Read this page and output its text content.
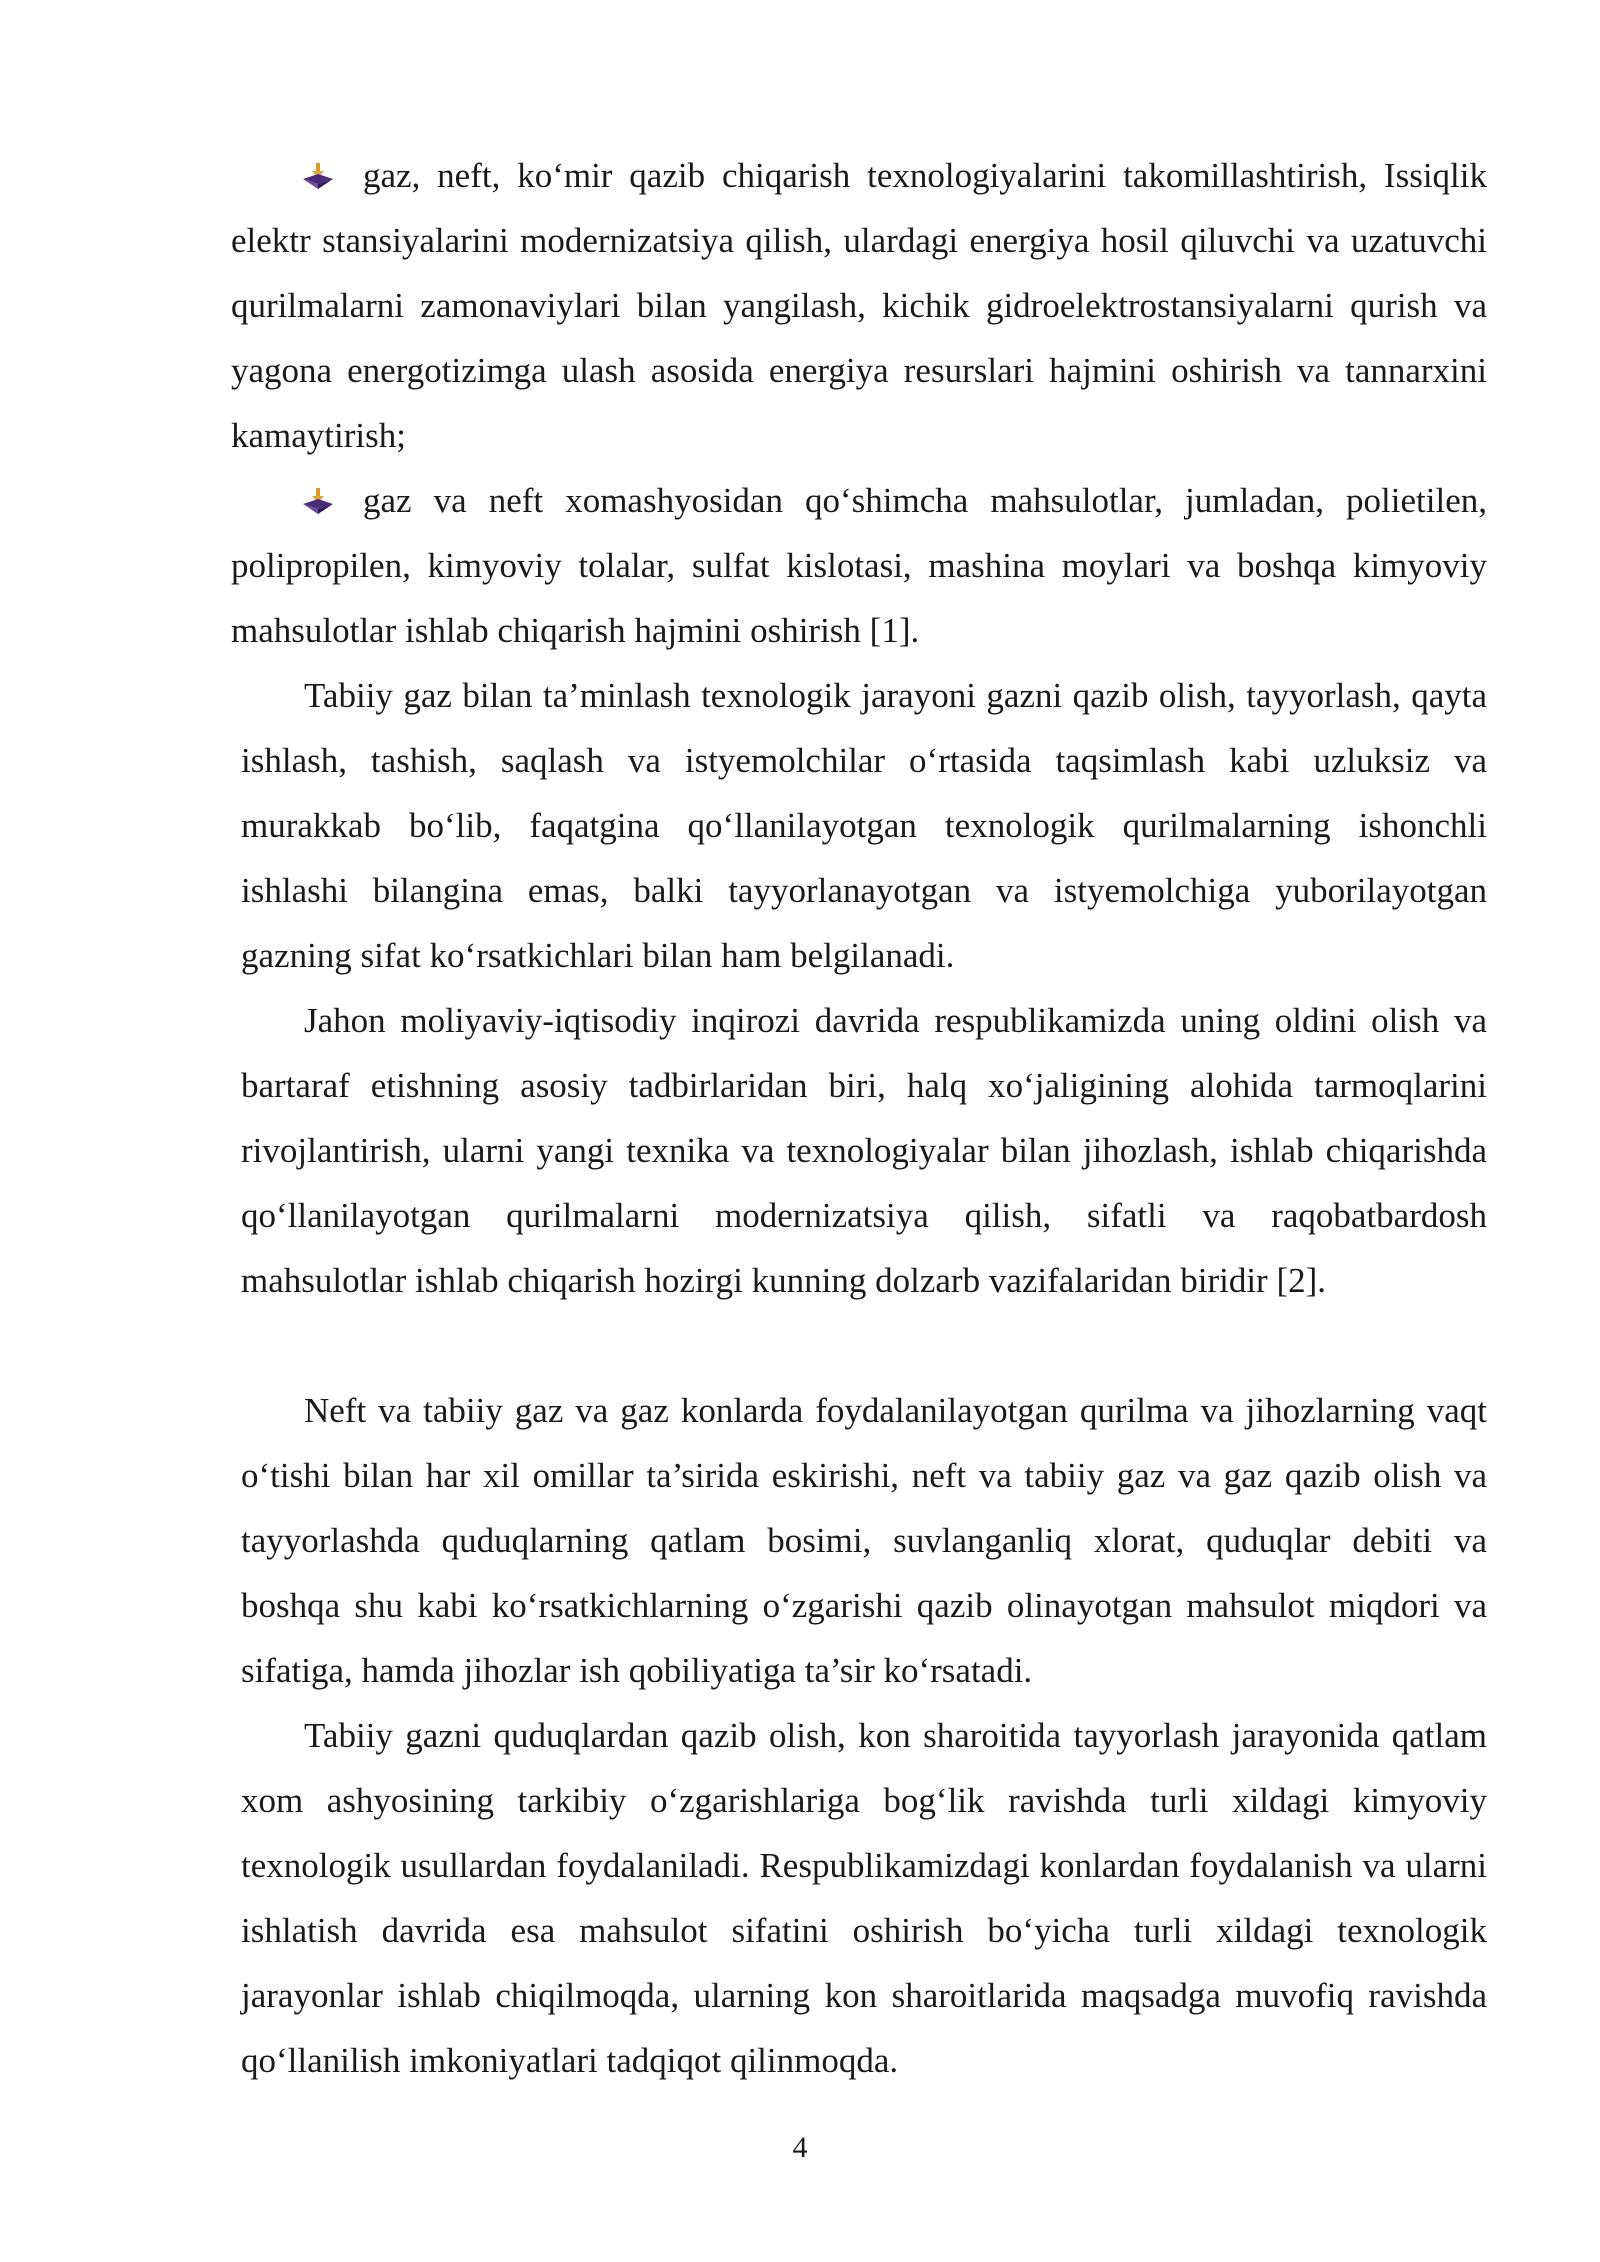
gaz, neft, ko‘mir qazib chiqarish texnologiyalarini takomillashtirish, Issiqlik elektr stansiyalarini modernizatsiya qilish, ulardagi energiya hosil qiluvchi va uzatuvchi qurilmalarni zamonaviylari bilan yangilash, kichik gidroelektrostansiyalarni qurish va yagona energotizimga ulash asosida energiya resurslari hajmini oshirish va tannarxini kamaytirish;

gaz va neft xomashyosidan qo‘shimcha mahsulotlar, jumladan, polietilen, polipropilen, kimyoviy tolalar, sulfat kislotasi, mashina moylari va boshqa kimyoviy mahsulotlar ishlab chiqarish hajmini oshirish [1].

Tabiiy gaz bilan ta’minlash texnologik jarayoni gazni qazib olish, tayyorlash, qayta ishlash, tashish, saqlash va istyemolchilar o‘rtasida taqsimlash kabi uzluksiz va murakkab bo‘lib, faqatgina qo‘llanilayotgan texnologik qurilmalarning ishonchli ishlashi bilangina emas, balki tayyorlanayotgan va istyemolchiga yuborilayotgan gazning sifat ko‘rsatkichlari bilan ham belgilanadi.

Jahon moliyaviy-iqtisodiy inqirozi davrida respublikamizda uning oldini olish va bartaraf etishning asosiy tadbirlaridan biri, halq xo‘jaligining alohida tarmoqlarini rivojlantirish, ularni yangi texnika va texnologiyalar bilan jihozlash, ishlab chiqarishda qo‘llanilayotgan qurilmalarni modernizatsiya qilish, sifatli va raqobatbardosh mahsulotlar ishlab chiqarish hozirgi kunning dolzarb vazifalaridan biridir [2].

Neft va tabiiy gaz va gaz konlarda foydalanilayotgan qurilma va jihozlarning vaqt o‘tishi bilan har xil omillar ta’sirida eskirishi, neft va tabiiy gaz va gaz qazib olish va tayyorlashda quduqlarning qatlam bosimi, suvlanganliq xlorat, quduqlar debiti va boshqa shu kabi ko‘rsatkichlarning o‘zgarishi qazib olinayotgan mahsulot miqdori va sifatiga, hamda jihozlar ish qobiliyatiga ta’sir ko‘rsatadi.

Tabiiy gazni quduqlardan qazib olish, kon sharoitida tayyorlash jarayonida qatlam xom ashyosining tarkibiy o‘zgarishlariga bog‘lik ravishda turli xildagi kimyoviy texnologik usullardan foydalaniladi. Respublikamizdagi konlardan foydalanish va ularni ishlatish davrida esa mahsulot sifatini oshirish bo‘yicha turli xildagi texnologik jarayonlar ishlab chiqilmoqda, ularning kon sharoitlarida maqsadga muvofiq ravishda qo‘llanilish imkoniyatlari tadqiqot qilinmoqda.

4
